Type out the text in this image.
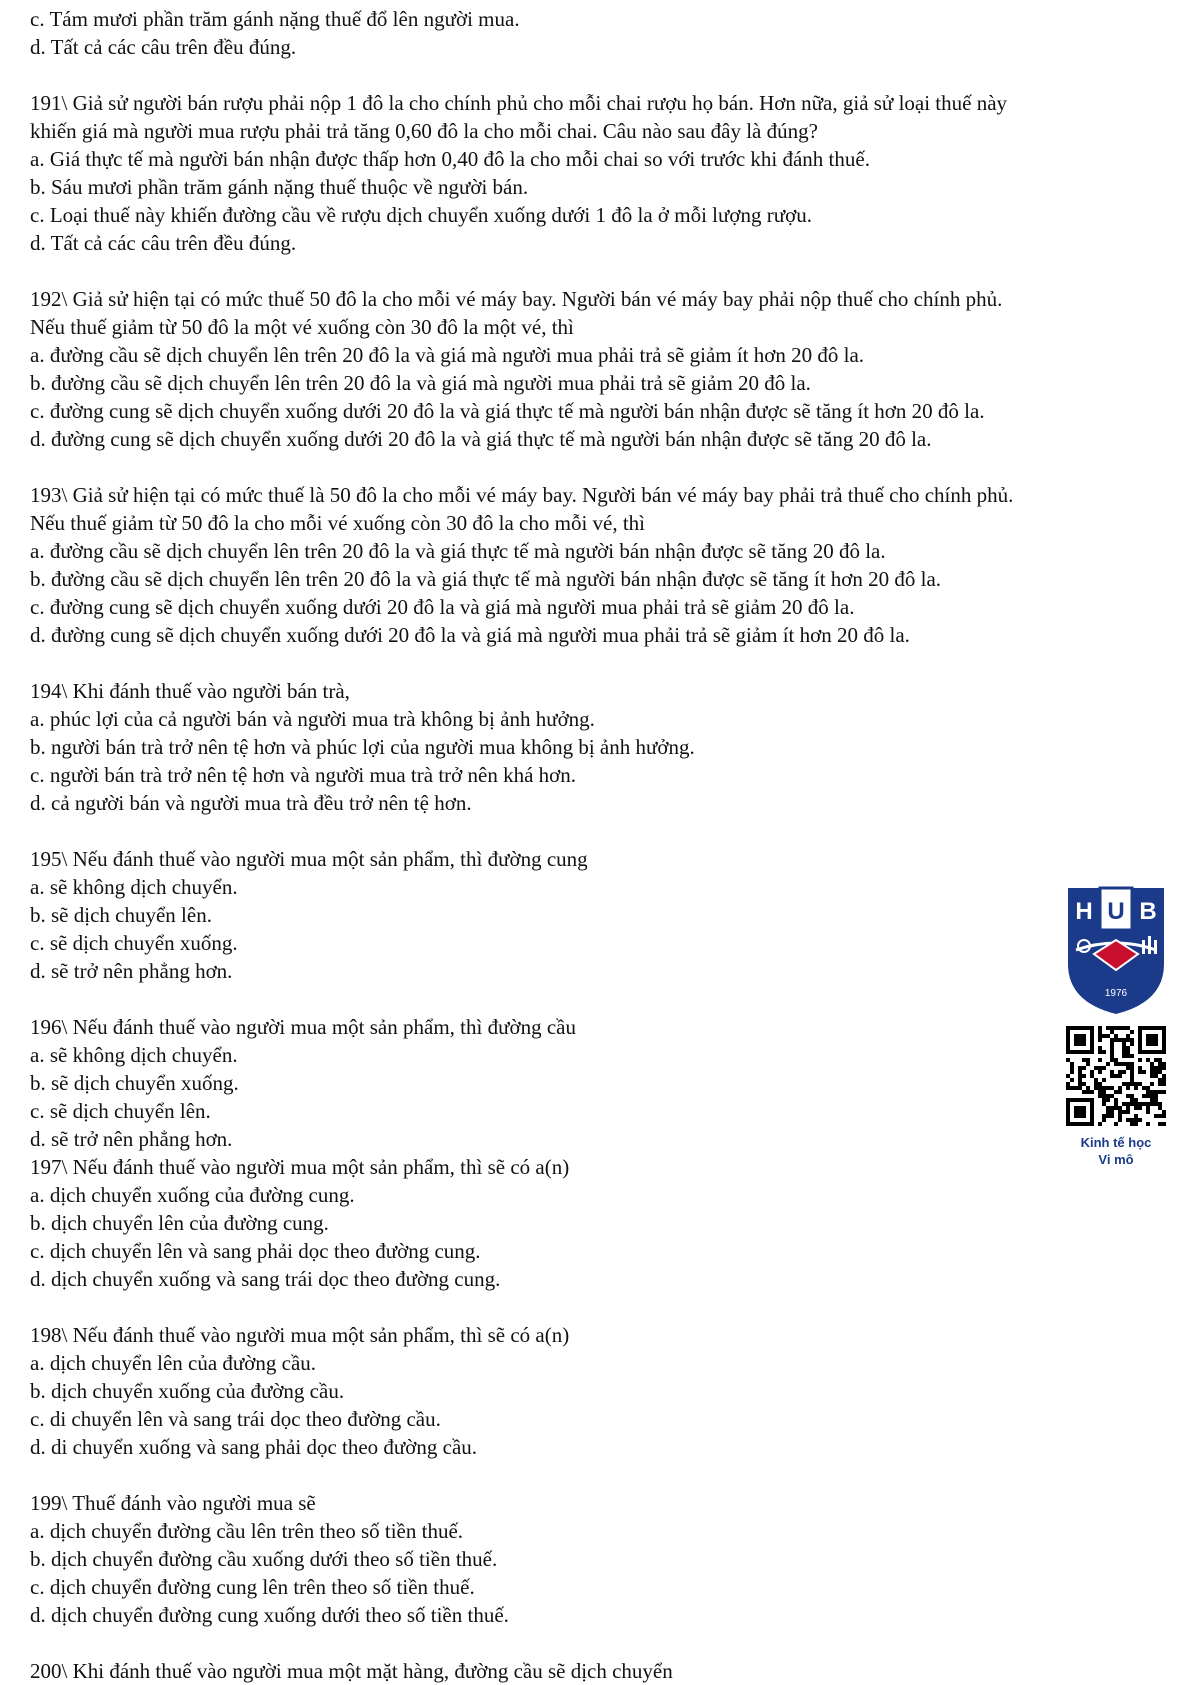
c. Tám mươi phần trăm gánh nặng thuế đổ lên người mua.
d. Tất cả các câu trên đều đúng.
191\ Giả sử người bán rượu phải nộp 1 đô la cho chính phủ cho mỗi chai rượu họ bán. Hơn nữa, giả sử loại thuế này
khiến giá mà người mua rượu phải trả tăng 0,60 đô la cho mỗi chai. Câu nào sau đây là đúng?
a. Giá thực tế mà người bán nhận được thấp hơn 0,40 đô la cho mỗi chai so với trước khi đánh thuế.
b. Sáu mươi phần trăm gánh nặng thuế thuộc về người bán.
c. Loại thuế này khiến đường cầu về rượu dịch chuyển xuống dưới 1 đô la ở mỗi lượng rượu.
d. Tất cả các câu trên đều đúng.
192\ Giả sử hiện tại có mức thuế 50 đô la cho mỗi vé máy bay. Người bán vé máy bay phải nộp thuế cho chính phủ.
Nếu thuế giảm từ 50 đô la một vé xuống còn 30 đô la một vé, thì
a. đường cầu sẽ dịch chuyển lên trên 20 đô la và giá mà người mua phải trả sẽ giảm ít hơn 20 đô la.
b. đường cầu sẽ dịch chuyển lên trên 20 đô la và giá mà người mua phải trả sẽ giảm 20 đô la.
c. đường cung sẽ dịch chuyển xuống dưới 20 đô la và giá thực tế mà người bán nhận được sẽ tăng ít hơn 20 đô la.
d. đường cung sẽ dịch chuyển xuống dưới 20 đô la và giá thực tế mà người bán nhận được sẽ tăng 20 đô la.
193\ Giả sử hiện tại có mức thuế là 50 đô la cho mỗi vé máy bay. Người bán vé máy bay phải trả thuế cho chính phủ.
Nếu thuế giảm từ 50 đô la cho mỗi vé xuống còn 30 đô la cho mỗi vé, thì
a. đường cầu sẽ dịch chuyển lên trên 20 đô la và giá thực tế mà người bán nhận được sẽ tăng 20 đô la.
b. đường cầu sẽ dịch chuyển lên trên 20 đô la và giá thực tế mà người bán nhận được sẽ tăng ít hơn 20 đô la.
c. đường cung sẽ dịch chuyển xuống dưới 20 đô la và giá mà người mua phải trả sẽ giảm 20 đô la.
d. đường cung sẽ dịch chuyển xuống dưới 20 đô la và giá mà người mua phải trả sẽ giảm ít hơn 20 đô la.
194\ Khi đánh thuế vào người bán trà,
a. phúc lợi của cả người bán và người mua trà không bị ảnh hưởng.
b. người bán trà trở nên tệ hơn và phúc lợi của người mua không bị ảnh hưởng.
c. người bán trà trở nên tệ hơn và người mua trà trở nên khá hơn.
d. cả người bán và người mua trà đều trở nên tệ hơn.
195\ Nếu đánh thuế vào người mua một sản phẩm, thì đường cung
a. sẽ không dịch chuyển.
b. sẽ dịch chuyển lên.
c. sẽ dịch chuyển xuống.
d. sẽ trở nên phẳng hơn.
196\ Nếu đánh thuế vào người mua một sản phẩm, thì đường cầu
a. sẽ không dịch chuyển.
b. sẽ dịch chuyển xuống.
c. sẽ dịch chuyển lên.
d. sẽ trở nên phẳng hơn.
197\ Nếu đánh thuế vào người mua một sản phẩm, thì sẽ có a(n)
a. dịch chuyển xuống của đường cung.
b. dịch chuyển lên của đường cung.
c. dịch chuyển lên và sang phải dọc theo đường cung.
d. dịch chuyển xuống và sang trái dọc theo đường cung.
198\ Nếu đánh thuế vào người mua một sản phẩm, thì sẽ có a(n)
a. dịch chuyển lên của đường cầu.
b. dịch chuyển xuống của đường cầu.
c. di chuyển lên và sang trái dọc theo đường cầu.
d. di chuyển xuống và sang phải dọc theo đường cầu.
199\ Thuế đánh vào người mua sẽ
a. dịch chuyển đường cầu lên trên theo số tiền thuế.
b. dịch chuyển đường cầu xuống dưới theo số tiền thuế.
c. dịch chuyển đường cung lên trên theo số tiền thuế.
d. dịch chuyển đường cung xuống dưới theo số tiền thuế.
200\ Khi đánh thuế vào người mua một mặt hàng, đường cầu sẽ dịch chuyển
H U B
1976
Kinh tế học
Vi mô
